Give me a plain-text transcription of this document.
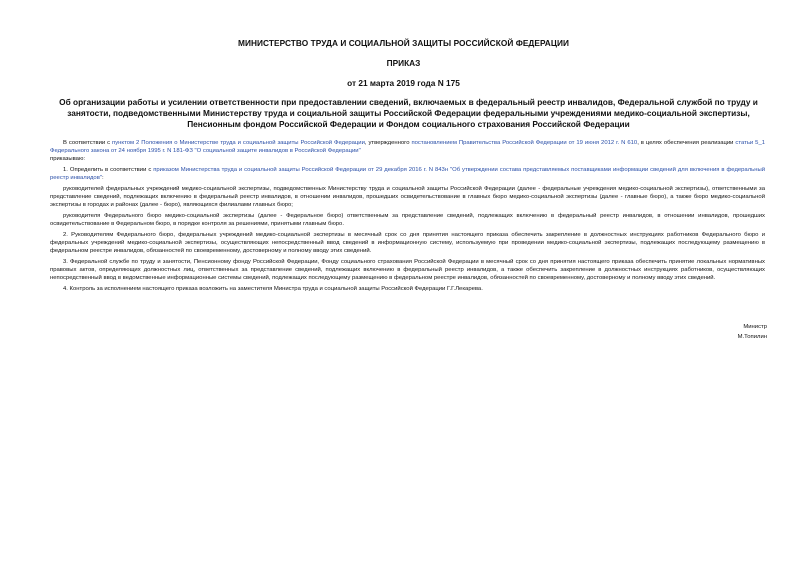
МИНИСТЕРСТВО ТРУДА И СОЦИАЛЬНОЙ ЗАЩИТЫ РОССИЙСКОЙ ФЕДЕРАЦИИ
ПРИКАЗ
от 21 марта 2019 года N 175
Об организации работы и усилении ответственности при предоставлении сведений, включаемых в федеральный реестр инвалидов, Федеральной службой по труду и занятости, подведомственными Министерству труда и социальной защиты Российской Федерации федеральными учреждениями медико-социальной экспертизы, Пенсионным фондом Российской Федерации и Фондом социального страхования Российской Федерации

В соответствии с пунктом 2 Положения о Министерстве труда и социальной защиты Российской Федерации, утвержденного постановлением Правительства Российской Федерации от 19 июня 2012 г. N 610, в целях обеспечения реализации статьи 5_1 Федерального закона от 24 ноября 1995 г. N 181-ФЗ "О социальной защите инвалидов в Российской Федерации"
приказываю:

1. Определить в соответствии с приказом Министерства труда и социальной защиты Российской Федерации от 29 декабря 2016 г. N 843н "Об утверждении состава представляемых поставщиками информации сведений для включения в федеральный реестр инвалидов":

руководителей федеральных учреждений медико-социальной экспертизы, подведомственных Министерству труда и социальной защиты Российской Федерации (далее - федеральные учреждения медико-социальной экспертизы), ответственными за представление сведений, подлежащих включению в федеральный реестр инвалидов, в отношении инвалидов, прошедших освидетельствование в главных бюро медико-социальной экспертизы (далее - главные бюро), а также бюро медико-социальной экспертизы в городах и районах (далее - бюро), являющихся филиалами главных бюро;

руководителя Федерального бюро медико-социальной экспертизы (далее - Федеральное бюро) ответственным за представление сведений, подлежащих включению в федеральный реестр инвалидов, в отношении инвалидов, прошедших освидетельствование в Федеральном бюро, в порядке контроля за решениями, принятыми главным бюро.

2. Руководителям Федерального бюро, федеральных учреждений медико-социальной экспертизы в месячный срок со дня принятия настоящего приказа обеспечить закрепление в должностных инструкциях работников Федерального бюро и федеральных учреждений медико-социальной экспертизы, осуществляющих непосредственный ввод сведений в информационную систему, используемую при проведении медико-социальной экспертизы, подлежащих последующему размещению в федеральном реестре инвалидов, обязанностей по своевременному, достоверному и полному вводу этих сведений.

3. Федеральной службе по труду и занятости, Пенсионному фонду Российской Федерации, Фонду социального страхования Российской Федерации в месячный срок со дня принятия настоящего приказа обеспечить принятие локальных нормативных правовых актов, определяющих должностных лиц, ответственных за представление сведений, подлежащих включению в федеральный реестр инвалидов, а также обеспечить закрепление в должностных инструкциях работников, осуществляющих непосредственный ввод в ведомственные информационные системы сведений, подлежащих последующему размещению в федеральном реестре инвалидов, обязанностей по своевременному, достоверному и полному вводу этих сведений.

4. Контроль за исполнением настоящего приказа возложить на заместителя Министра труда и социальной защиты Российской Федерации Г.Г.Лекарева.

Министр
М.Топилин
